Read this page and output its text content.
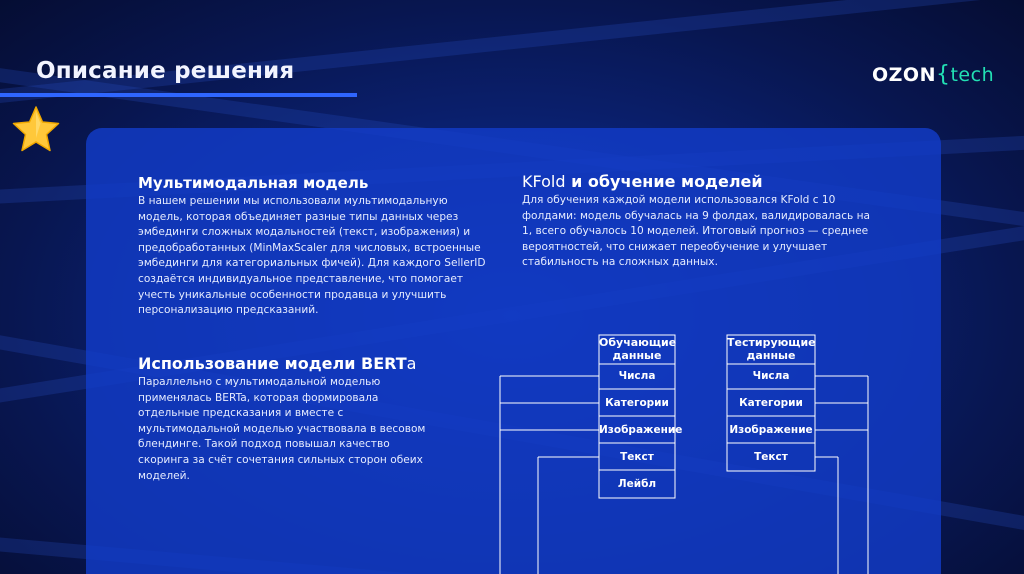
Описание решения	OZON{tech
Мультимодальная модель
В нашем решении мы использовали мультимодальную
модель, которая объединяет разные типы данных через
эмбединги сложных модальностей (текст, изображения) и
предобработанных (MinMaxScaler для числовых, встроенные
эмбединги для категориальных фичей). Для каждого SellerID
создаётся индивидуальное представление, что помогает
учесть уникальные особенности продавца и улучшить
персонализацию предсказаний.
Использование модели BERTa
Параллельно с мультимодальной моделью
применялась BERTa, которая формировала
отдельные предсказания и вместе с
мультимодальной моделью участвовала в весовом
блендинге. Такой подход повышал качество
скоринга за счёт сочетания сильных сторон обеих
моделей.
KFold и обучение моделей
Для обучения каждой модели использовался KFold с 10
фолдами: модель обучалась на 9 фолдах, валидировалась на
1, всего обучалось 10 моделей. Итоговый прогноз — среднее
вероятностей, что снижает переобучение и улучшает
стабильность на сложных данных.
Обучающие
данные
Тестирующие
данные
Числа
Категории
Изображение
Текст
Лейбл
Числа
Категории
Изображение
Текст
